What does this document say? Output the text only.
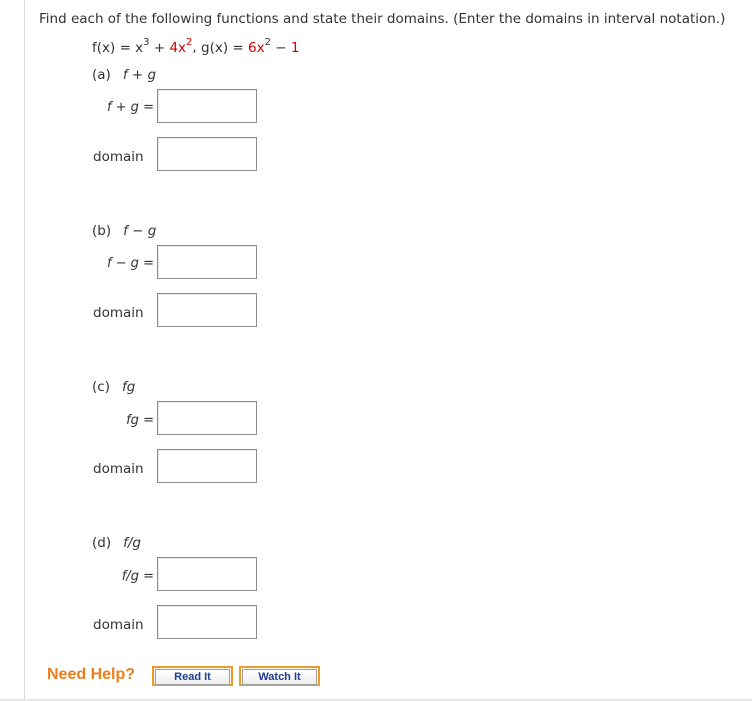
Find each of the following functions and state their domains. (Enter the domains in interval notation.)
$f(x) = x^3 + 4x^2$, $g(x) = 6x^2 - 1$
(a) f + g
f + g =
domain
(b) f − g
f − g =
domain
(c) fg
fg =
domain
(d) f/g
f/g =
domain
Need Help?	Read It	Watch It
